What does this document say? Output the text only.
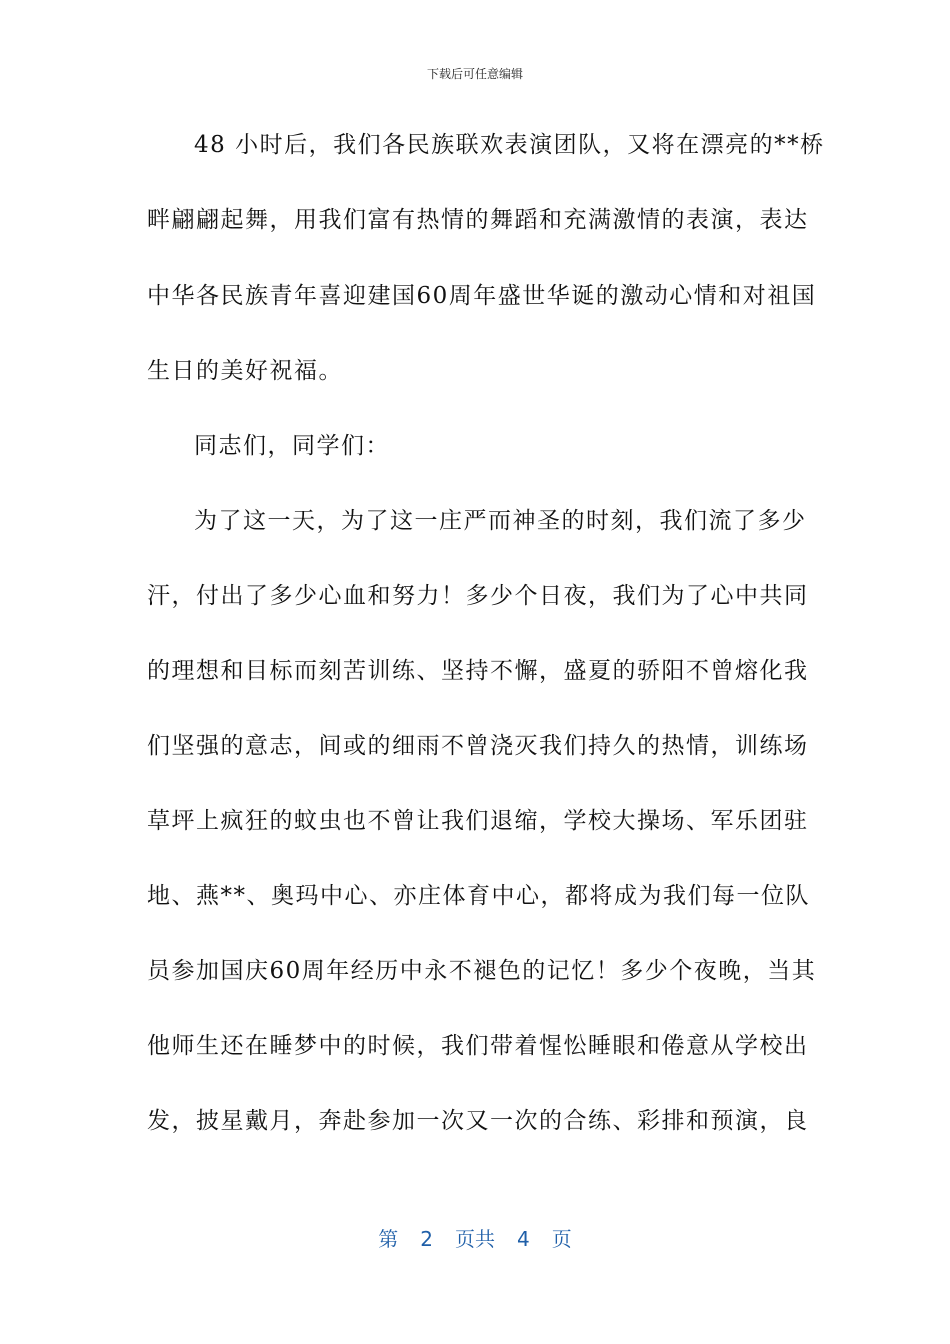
下载后可任意编辑
48 小时后，我们各民族联欢表演团队，又将在漂亮的**桥
畔翩翩起舞，用我们富有热情的舞蹈和充满激情的表演，表达
中华各民族青年喜迎建国60周年盛世华诞的激动心情和对祖国
生日的美好祝福。
同志们，同学们：
为了这一天，为了这一庄严而神圣的时刻，我们流了多少
汗，付出了多少心血和努力！多少个日夜，我们为了心中共同
的理想和目标而刻苦训练、坚持不懈，盛夏的骄阳不曾熔化我
们坚强的意志，间或的细雨不曾浇灭我们持久的热情，训练场
草坪上疯狂的蚊虫也不曾让我们退缩，学校大操场、军乐团驻
地、燕**、奥玛中心、亦庄体育中心，都将成为我们每一位队
员参加国庆60周年经历中永不褪色的记忆！多少个夜晚，当其
他师生还在睡梦中的时候，我们带着惺忪睡眼和倦意从学校出
发，披星戴月，奔赴参加一次又一次的合练、彩排和预演，良
第 2 页共 4 页
